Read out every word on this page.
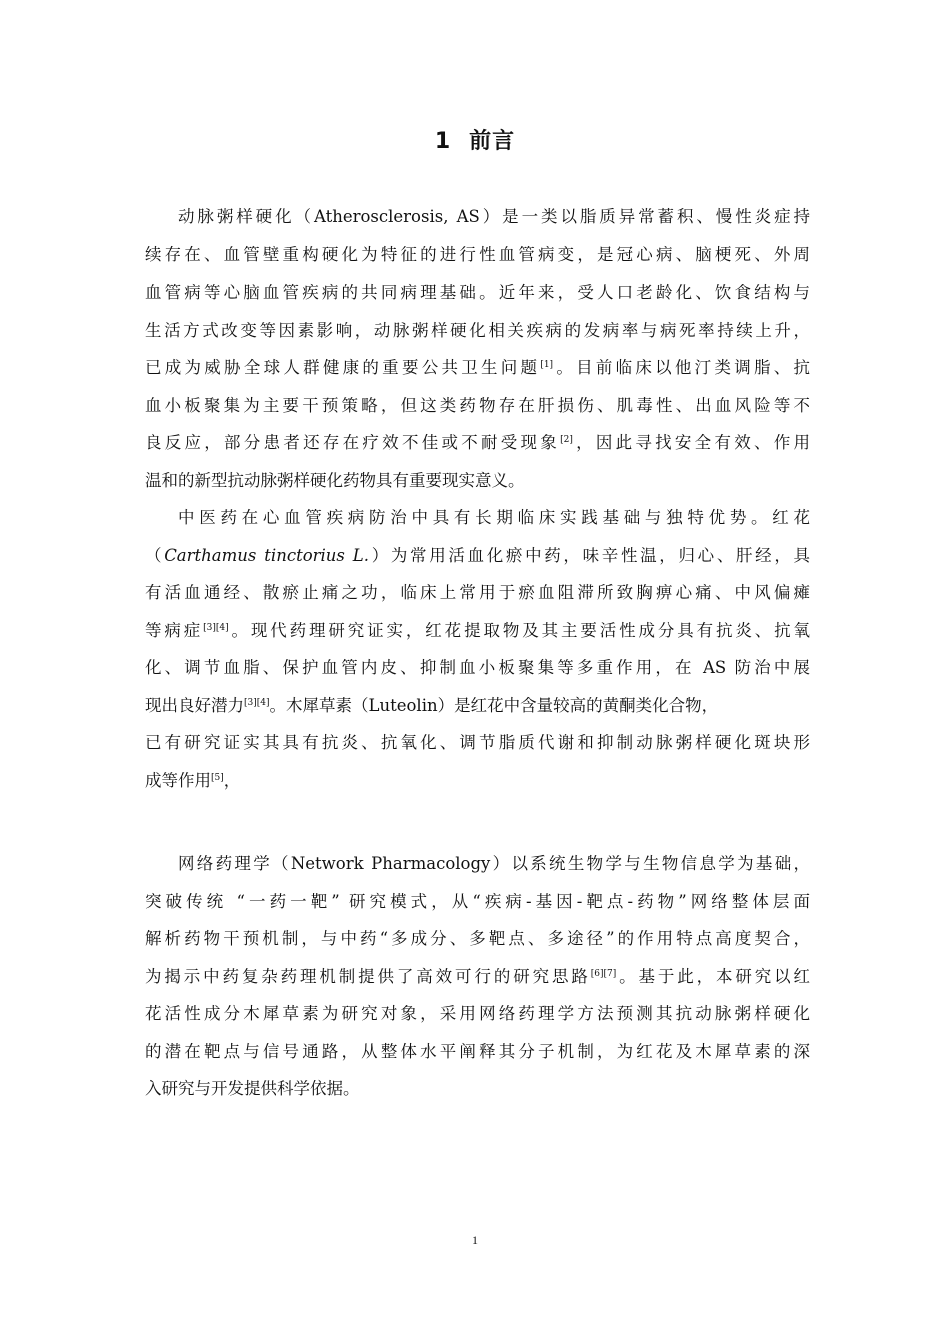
1 前言
动脉粥样硬化（Atherosclerosis, AS）是一类以脂质异常蓄积、慢性炎症持
续存在、血管壁重构硬化为特征的进行性血管病变，是冠心病、脑梗死、外周
血管病等心脑血管疾病的共同病理基础。近年来，受人口老龄化、饮食结构与
生活方式改变等因素影响，动脉粥样硬化相关疾病的发病率与病死率持续上升，
已成为威胁全球人群健康的重要公共卫生问题[1]。目前临床以他汀类调脂、抗
血小板聚集为主要干预策略，但这类药物存在肝损伤、肌毒性、出血风险等不
良反应，部分患者还存在疗效不佳或不耐受现象[2]，因此寻找安全有效、作用
温和的新型抗动脉粥样硬化药物具有重要现实意义。
中医药在心血管疾病防治中具有长期临床实践基础与独特优势。红花
（Carthamus tinctorius L.）为常用活血化瘀中药，味辛性温，归心、肝经，具
有活血通经、散瘀止痛之功，临床上常用于瘀血阻滞所致胸痹心痛、中风偏瘫
等病症[3][4]。现代药理研究证实，红花提取物及其主要活性成分具有抗炎、抗氧
化、调节血脂、保护血管内皮、抑制血小板聚集等多重作用，在 AS 防治中展
现出良好潜力[3][4]。木犀草素（Luteolin）是红花中含量较高的黄酮类化合物，
已有研究证实其具有抗炎、抗氧化、调节脂质代谢和抑制动脉粥样硬化斑块形
成等作用[5]，
网络药理学（Network Pharmacology）以系统生物学与生物信息学为基础，
突破传统 “一药一靶” 研究模式，从“疾病-基因-靶点-药物”网络整体层面
解析药物干预机制，与中药“多成分、多靶点、多途径”的作用特点高度契合，
为揭示中药复杂药理机制提供了高效可行的研究思路[6][7]。基于此，本研究以红
花活性成分木犀草素为研究对象，采用网络药理学方法预测其抗动脉粥样硬化
的潜在靶点与信号通路，从整体水平阐释其分子机制，为红花及木犀草素的深
入研究与开发提供科学依据。
1
